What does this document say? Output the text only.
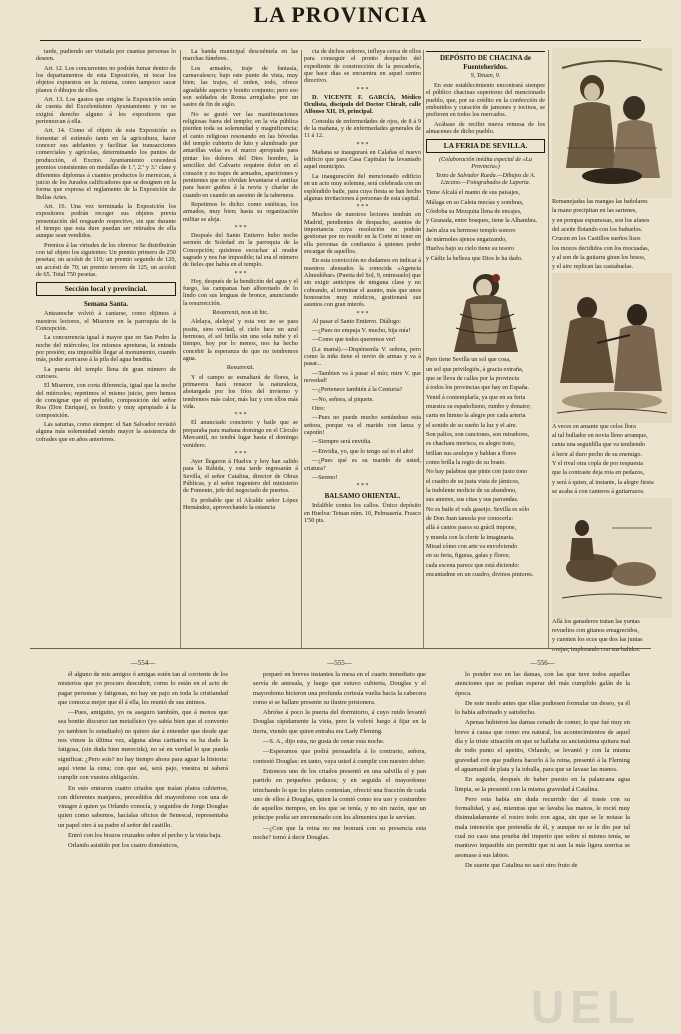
LA PROVINCIA

tarde, pudiendo ser visitada por cuantas personas lo deseen.

Art. 12. Los concurrentes no podrán fumar dentro de los departamentos de esta Exposición, ni tocar los objetos expuestos en la misma, como tampoco sacar planos ó dibujos de ellos.

Art. 13. Los gastos que origine la Exposición serán de cuenta del Excelentísimo Ayuntamiento y no se exigirá derecho alguno á los expositores que pertenezcan á ella.

Art. 14. Como el objeto de esta Exposición es fomentar el estímulo tanto en la agricultura, hacer conocer sus adelantos y facilitar las transacciones comerciales y agrícolas, determinando los puntos de producción, el Excmo. Ayuntamiento concederá premios consistentes en medallas de 1.ª, 2.ª y 3.ª clase y diferentes diplomas á cuantos productos lo merezcan, á juicio de los Jurados calificadores que se designen en la forma que expresa el reglamento de la Exposición de Bellas Artes.

Art. 16. Una vez terminada la Exposición los expositores podrán recoger sus objetos previa presentación del resguardo respectivo, sin que durante el tiempo que esta dure puedan ser retirados de ella aunque sean vendidos.

Premios á las virtudes de los obreros: Se distribuirán con tal objeto los siguientes: Un premio primero de 250 pesetas; un accésit de 110; un premio segundo de 120, un accésit de 70; un premio tercero de 125, un accésit de 65. Total 750 pesetas.

Sección local y provincial.
Semana Santa.

Anteanoche volvió á cantarse, como dijimos á nuestros lectores, el Miserere en la parroquia de la Concepción.

La concurrencia igual á mayor que en San Pedro la noche del miércoles; los mismos apreturas, la entrada por presión; era imposible llegar al monumento, cuando más, poder acercarse á la pila del agua bendita.

La puerta del templo llena de gran número de curiosos.

El Miserere, con corta diferencia, igual que la noche del miércoles; repetimos el mismo juicio, pero hemos de consignar que el preludio, composición del señor Roa (Don Enrique), es bonito y muy apropiado á la composición.

Las saturias, como siempre: el San Salvador revistió alguna más solemnidad siendo mayor la asistencia de cofrades que en años anteriores.

La banda municipal descuéntela en las marchas fúnebres.

Los armados, traje de fantasía, carnavalesco; bajo este punto de vista, muy bien; las trajes, el orden, todo, ofrece agradable aspecto y bonito conjunto; pero eso son soldados de Roma arreglados por un sastre de fin de siglo.

No se gustó ver las manifestaciones religiosas fuera del templo; en la vía pública pierden toda su solemnidad y magnificencia; el canto religioso resonando en las bóvedas del templo cubierto de luto y alumbrado por amarillas velas es el marco apropiado para pintar los dolores del Dios hombre, la sencillez del Calvario requiere dolor en el corazón y no trajes de armados, apariciones y penitentes que no olvidan levantarse el antifaz para hacer guiños á la novia y charlar de cuando en cuando un asesino de la tabernera.

Repetimos lo dicho: como estéticas, los armados, muy bien; hasta su organización militar se aleja.

* * *

Después del Santo Entierro hubo noche sermón de Soledad en la parroquia de la Concepción; quisimos escuchar al orador sagrado y nos fue imposible; tal era el número de fieles que había en el templo.

* * *

Hoy, después de la bendición del agua y el fuego, las campanas han alborotado de lo lindo con sus lenguas de bronce, anunciando la resurrección.

Resurrexit, non sit hic.

Alelaya, alelaya! y esta vez no se para posits, sino verdad, el cielo luce un azul hermoso, el sol brilla sin una sola nube y el tiempo, hoy por lo menos, nos ha hecho concebir la esperanza de que no tendremos agua.

Resurrexit.

Y el campo se esmaltará de flores, la primavera hará renacer la naturaleza, abotargada por los fríos del invierno y tendremos más calor, más luz y con ellos más vida.

* * *

El anunciado concierto y baile que se preparaba para mañana domingo en el Círculo Mercantil, no tendrá lugar hasta el domingo venidero.

* * *

Ayer llegaron á Huelva y hoy han salido para la Rábida, y esta tarde regresarán á Sevilla, el señor Catalina, director de Obras Públicas, y el señor ingeniero del ministerio de Fomento, jefe del negociado de puertos.

Es probable que el Alcalde señor López Hernández, aprovechando la estancia

cia de dichos señores, influya cerca de ellos para conseguir el pronto despacho del expediente de construcción de la pescadería, que hace días se encuentra en aquel centro directivo.

* * *

D. VICENTE F. GARCÍA, Médico Oculista, discípulo del Doctor Chiralt, calle Alfonso XII, 19, principal.

Consulta de enfermedades de ojos, de 8 á 9 de la mañana, y de enfermedades generales de 11 á 12.

* * *

Mañana se inaugurará en Calañas el nuevo edificio que para Casa Capitular ha levantado aquel municipio.

La inauguración del mencionado edificio en un acto muy solemne, será celebrada con un espléndido baile, para cuya fiesta se han hecho algunas invitaciones á personas de esta capital.

* * *

Muchos de nuestros lectores tendrán en Madrid, pendientes de despacho, asuntos de importancia cuya resolución no podrán gestionar por no residir en la Corte ni tener en ella personas de confianza á quienes poder encargar de aquellos.

En esta convicción no dudamos en indicar á nuestros abonados la conocida «Agencia Almodóbar» (Puerta del Sol, 9, entresuelo) que sin exigir anticipos de ninguna clase y no cobrando, al terminar el asunto, más que unos honorarios muy módicos, gestionará sus asuntos con gran interés.

* * *

Al pasar el Santo Entierro. Diálogo:

—¿Pues no empuja V. mucho, hija mía!

—Como que todos queremos ver!

(La mamá).—Dispénsenla V. señora, pero como la niña tiene el novio de armas y va á pasar...

—Tambien va á pasar el mío; mire V. que novedad!

—¿Pertenece también á la Centuria?

—No, señora, al piquete.

Otro:

—Pues no puede mucho sentándose esta señora, porque va el marido con lanza y capotín!

—Siempre será envidia.

—Envidia, yo, que lo tengo así to el año!

—¿Pues qué es su marido de usted, criatura?

—Sereno!

* * *
BALSAMO ORIENTAL.

Infalible contra los callos. Único depósito en Huelva: Tetuan núm. 10, Pelmasería. Frasco 1'50 pts.

DEPÓSITO DE CHACINA de Fuenteheridos.
9, Tetuan, 9.

En este establecimiento encontrará siempre el público chacinas superiores del mencionado pueblo, que, por su crédito en la confección de embutidos y curación de jamones y tocinos, se prefieren en todos los mercados.

Acábase de recibir nueva remesa de los almacenes de dicho pueblo.

LA FERIA DE SEVILLA.
(Colaboración inédita especial de «La Provincia»)
Texto de Salvador Rueda.—Dibujos de A. Lizcano.—Fotograbados de Laporta.

Tiene Alcalá el manto de sus paisajes,

Málaga en su Caleta mecías y sombras,

Córdoba su Mezquita llena de encajes,

y Granada, entre bosques, tiene la Alhambra.

Jaén alza su hermoso templo sonoro

de mármoles ajenos engarzando,

Huelva bajo su cielo tiene su tesoro

y Cádiz la belleza que Dios le ha dado.

Pero tiene Sevilla un sol que cosa,

un sol que privilegiós, á gracia extraña,

que se lleva de calles por la provincia

á todos los provincias que hay en España.

Venid á contemplarla, ya que en su feria

muestra su españolismo, rumbo y donaire;

carta en himno la alegre por cada arteria

el sonido de su sueño la luz y el aire.

Son palios, son canciones, son miradores,

es chachara morisca, es alegre trato,

brillan sus azulejos y hablan a flores

como brilla la regio de su boato.

No hay palabras que pinte con justo tono

el cuadro de su justa vista de jámicos,

la indolente molicie de su abandono,

sus amores, sus citas y sus parrandas.

No es baile el vals gaseijo. Sevilla es sólo

de Don Juan tanosla por conocerla:

allá á cantos pasos su grácil impone,

y mueda con la clerte la imaginaria.

Mirad cómo con arte va envolviendo

en su feria, figuras, galas y flores;

cada escena parece que está diciendo:

encantadme en un cuadro, divinos pintores.

Remanejadas las mangas las bañolares

la mano precipitan en las sartenes,

y en pompas espumosas, son los afanes

del aceite flotando con los buñuelos.

Crucen en los Castillos sueños lisos

los mozos decididos con los mocuadas,

y al son de la guitarra giran los besos,

y el aire replican las castañuelas.

A veces en amante que celos llora

al tal bullador en novia lleno arranque,

canta una seguidilla que va tendiendo

á herir al duro pecho de su enemigo.

Y el rival otra copla de por respuesta

que la contraste deja rota en pedazos,

y será á quien, al instante, la alegre fiesta

se acaba á con canteros á guitarrazos.

Allá los ganaderos tratan las yuntas

revueltos con gitanos emagrecidos,

y cuenten los ecos que dos las juntas

ovejas, implorando con sus balidos.

—554—

él alguno de mis amigos ó amigas estén tan al corriente de los misterios que yo procuro descubrir, como lo están en el acto de pagar personas y fatigosas, no hay un pajo en toda la cristiandad que conozca mejor que él á ella, les reunió de sus ánimos.

—Pues, amiguito, yo os aseguro también, que á menos que sea bonito discurso tan metafísico (yo sabía bien que el convento yo tambien lo estudiado) no quiero dar á entender que desde que nos vimos la última vez, alguna alma caritativa os ha dado la fatigosa, (sin duda bien merecida), no sé en verdad lo que pueda significar. ¿Pero sois? no hay tiempo ahora para aguar la historia: aquí viene la cena; con que así, será pajo, vuestra ni saberá cumplir con vuestra obligación.

En esto entraron cuatro criados que traían platos cubiertos, con diferentes manjares, precedidos del mayordomo con una de vinagre á quien ya Orlando conocía, y seguidos de Jorge Douglas quien como sabemos, hacíalas oficios de Senescal, representaba un papel otro á su padre el señor del castillo.

Entró con los brazos cruzados sobre el pecho y la vista baja.

Orlando asistido por los cuatro domésticos,

—555—

preparó en breves instantes la mesa en el cuarto inmediato que servía de antesala, y luego que estuvo cubierta, Douglas y el mayordomo hicieron una profunda cortesía vuelta hacia la cabecera como si se hallare presente su ilustre prisionera.

Abrióse á poco la puerta del dormitorio, á cuyo ruido levantó Douglas rápidamente la vista, pero la volvió luego á fijar en la tierra, viendo que quien entraba era Lady Fleming.

—S. A., dijo esta, no gusta de cenar esta noche.

—Esperamos que podrá persuadirla á lo contrario, señora, contestó Douglas: en tanto, vaya usted á cumplir con nuestro deber.

Entonces uno de los criados presentó en una salvilla el y pan partido en pequeños pedazos; y en seguida el mayordomo trinchando lo que los platos contenían, ofreció una fracción de cada uno de ellos á Douglas, quien la comió como era uso y costumbre de aquellos tiempos, en los que se tenía, y no sin razón, que un príncipe podía ser envenenado con los alimentos que le servían.

—¿Con que la reina no me honrará con su presencia esta noche? tornó á decir Douglas.

—556—

lo ponder eso en las damas, con las que tuve todos aquellas atenciones que se podían esperar del más cumplido galán de la época.

De este modo antes que ellas pudiesen formular un deseo, ya él lo había adivinado y satisfecho.

Apenas hubieron las damas cenado de comer, lo que fué muy en breve á causa que como era natural, los acontecimientos de aquel día y la triste situación en que se hallaba su ancianísima quitara mal de todo punto el apetito, Orlando, se levantó y con la misma gravedad con que pudiera hacerlo á la reina, presentó á la Fleming el aguamanil de plata y la toballa, para que se lavase las manos.

En seguida, después de haber puesto en la palancana agua limpia, se la presentó con la misma gravedad á Catalina.

Pero esta había sin duda recurrido dar al traste con su formalidad, y así, mientras que se lavaba las manos, le roció muy disimuladamente el rostro todo con agua, sin que se le notase la mala intención que pretendía de él, y aunque no se le dio por tal cual no caso una prueba del imperio que sobre sí mismo tenía, se mantuvo impasible sin permitir que ni aun la más ligera sonrisa se asomase á sus labios.

De suerte que Catalina no sacó otro fruto de

UEL
